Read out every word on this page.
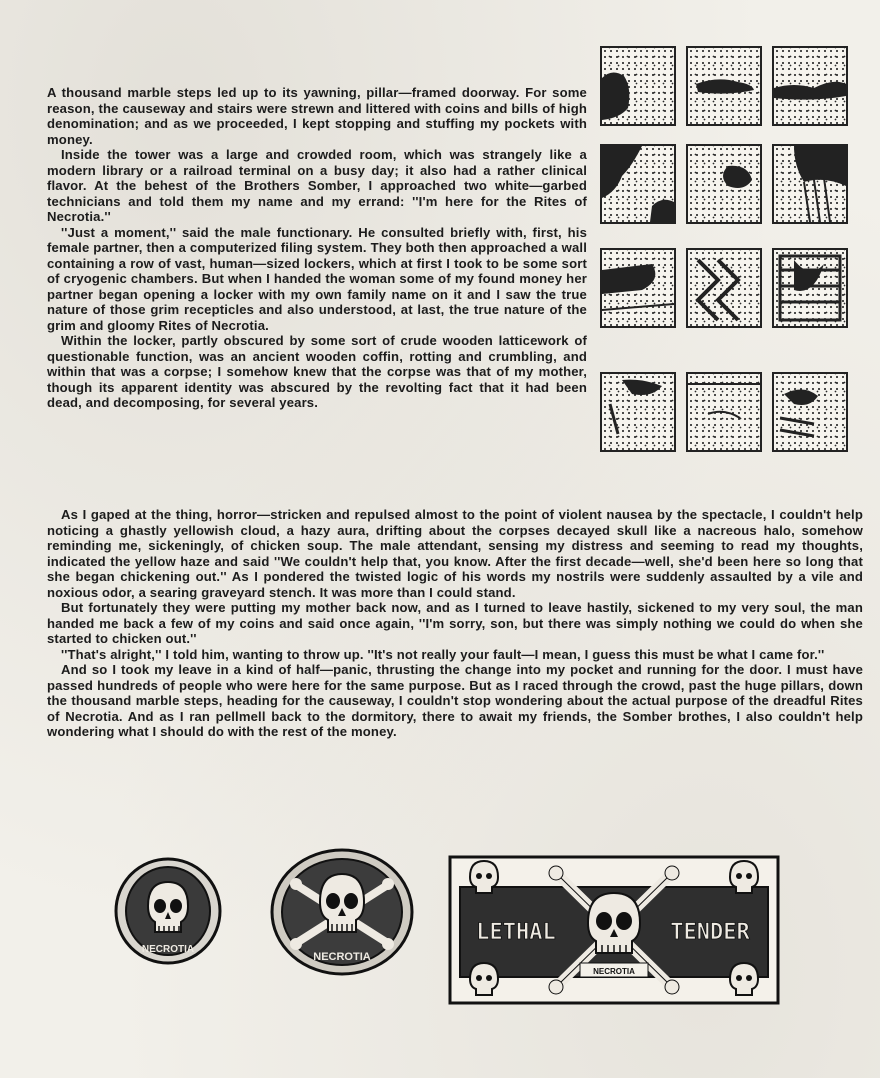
A thousand marble steps led up to its yawning, pillar—framed doorway. For some reason, the causeway and stairs were strewn and littered with coins and bills of high denomination; and as we proceeded, I kept stopping and stuffing my pockets with money.

Inside the tower was a large and crowded room, which was strangely like a modern library or a railroad terminal on a busy day; it also had a rather clinical flavor. At the behest of the Brothers Somber, I approached two white—garbed technicians and told them my name and my errand: ''I'm here for the Rites of Necrotia.''

''Just a moment,'' said the male functionary. He consulted briefly with, first, his female partner, then a computerized filing system. They both then approached a wall containing a row of vast, human—sized lockers, which at first I took to be some sort of cryogenic chambers. But when I handed the woman some of my found money her partner began opening a locker with my own family name on it and I saw the true nature of those grim recepticles and also understood, at last, the true nature of the grim and gloomy Rites of Necrotia.

Within the locker, partly obscured by some sort of crude wooden latticework of questionable function, was an ancient wooden coffin, rotting and crumbling, and within that was a corpse; I somehow knew that the corpse was that of my mother, though its apparent identity was abscured by the revolting fact that it had been dead, and decomposing, for several years.

As I gaped at the thing, horror—stricken and repulsed almost to the point of violent nausea by the spectacle, I couldn't help noticing a ghastly yellowish cloud, a hazy aura, drifting about the corpses decayed skull like a nacreous halo, somehow reminding me, sickeningly, of chicken soup. The male attendant, sensing my distress and seeming to read my thoughts, indicated the yellow haze and said ''We couldn't help that, you know. After the first decade—well, she'd been here so long that she began chickening out.'' As I pondered the twisted logic of his words my nostrils were suddenly assaulted by a vile and noxious odor, a searing graveyard stench. It was more than I could stand.

But fortunately they were putting my mother back now, and as I turned to leave hastily, sickened to my very soul, the man handed me back a few of my coins and said once again, ''I'm sorry, son, but there was simply nothing we could do when she started to chicken out.''

''That's alright,'' I told him, wanting to throw up. ''It's not really your fault—I mean, I guess this must be what I came for.''

And so I took my leave in a kind of half—panic, thrusting the change into my pocket and running for the door. I must have passed hundreds of people who were here for the same purpose. But as I raced through the crowd, past the huge pillars, down the thousand marble steps, heading for the causeway, I couldn't stop wondering about the actual purpose of the dreadful Rites of Necrotia. And as I ran pellmell back to the dormitory, there to await my friends, the Somber brothes, I also couldn't help wondering what I should do with the rest of the money.

NECROTIA
NECROTIA
LETHAL	TENDER
NECROTIA
